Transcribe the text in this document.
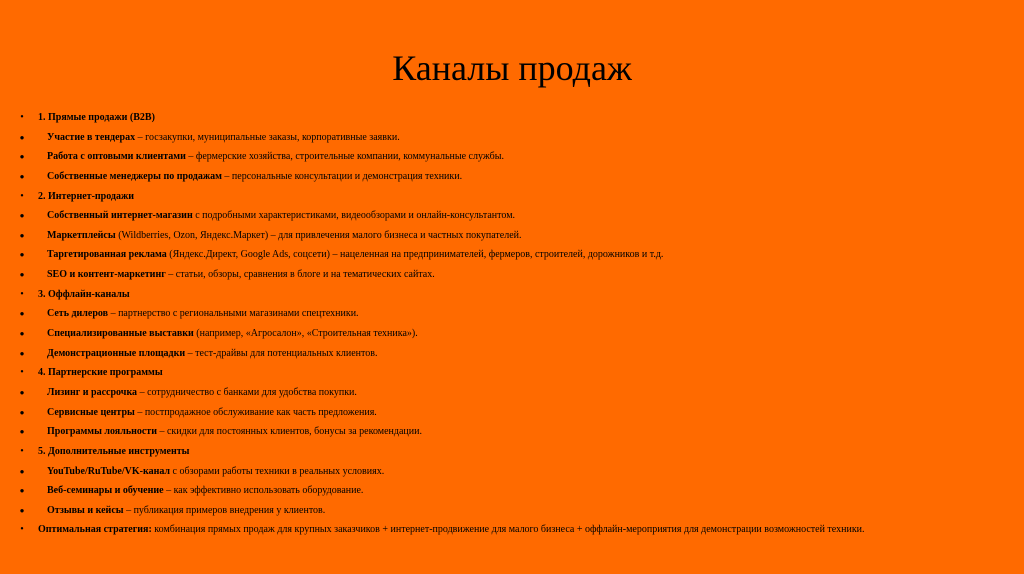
Каналы продаж
•	1. Прямые продажи (B2B)
● Участие в тендерах – госзакупки, муниципальные заказы, корпоративные заявки.
● Работа с оптовыми клиентами – фермерские хозяйства, строительные компании, коммунальные службы.
● Собственные менеджеры по продажам – персональные консультации и демонстрация техники.
•	2. Интернет-продажи
● Собственный интернет-магазин с подробными характеристиками, видеообзорами и онлайн-консультантом.
● Маркетплейсы (Wildberries, Ozon, Яндекс.Маркет) – для привлечения малого бизнеса и частных покупателей.
● Таргетированная реклама (Яндекс.Директ, Google Ads, соцсети) – нацеленная на предпринимателей, фермеров, строителей, дорожников и т.д.
● SEO и контент-маркетинг – статьи, обзоры, сравнения в блоге и на тематических сайтах.
•	3. Оффлайн-каналы
● Сеть дилеров – партнерство с региональными магазинами спецтехники.
● Специализированные выставки (например, «Агросалон», «Строительная техника»).
● Демонстрационные площадки – тест-драйвы для потенциальных клиентов.
•	4. Партнерские программы
● Лизинг и рассрочка – сотрудничество с банками для удобства покупки.
● Сервисные центры – постпродажное обслуживание как часть предложения.
● Программы лояльности – скидки для постоянных клиентов, бонусы за рекомендации.
•	5. Дополнительные инструменты
● YouTube/RuTube/VK-канал с обзорами работы техники в реальных условиях.
● Веб-семинары и обучение – как эффективно использовать оборудование.
● Отзывы и кейсы – публикация примеров внедрения у клиентов.
•	Оптимальная стратегия: комбинация прямых продаж для крупных заказчиков + интернет-продвижение для малого бизнеса + оффлайн-мероприятия для демонстрации возможностей техники.
